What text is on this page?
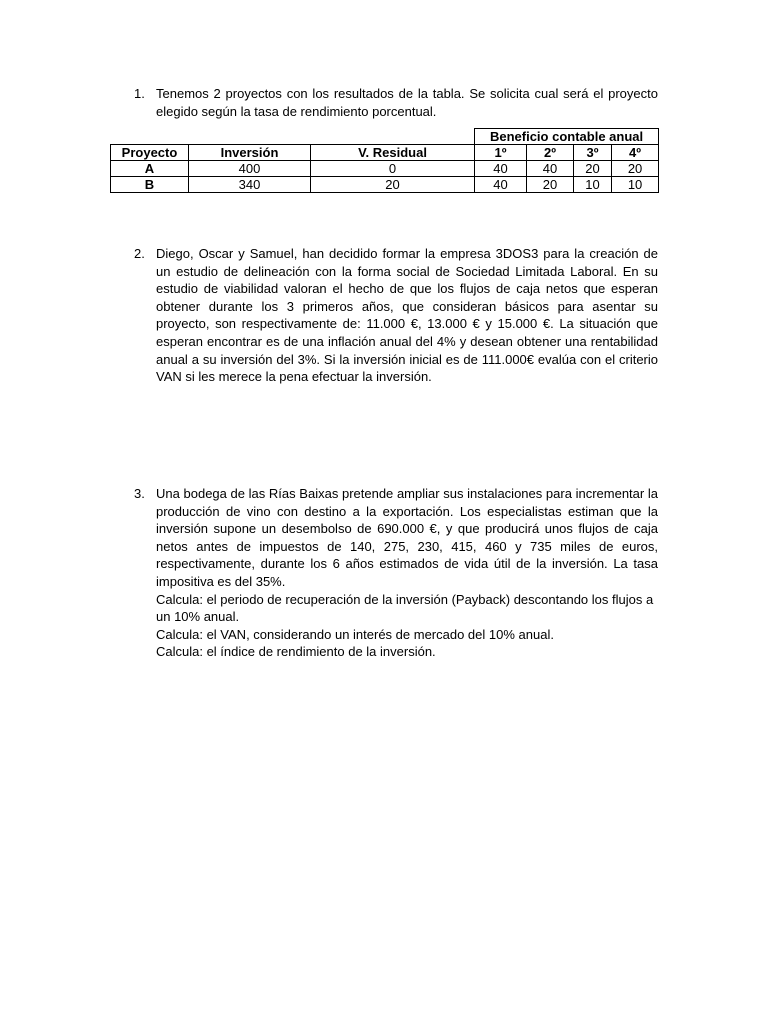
1. Tenemos 2 proyectos con los resultados de la tabla. Se solicita cual será el proyecto elegido según la tasa de rendimiento porcentual.

			Beneficio contable anual			
Proyecto	Inversión	V. Residual	1º	2º	3º	4º
A	400	0	40	40	20	20
B	340	20	40	20	10	10
2. Diego, Oscar y Samuel, han decidido formar la empresa 3DOS3 para la creación de un estudio de delineación con la forma social de Sociedad Limitada Laboral. En su estudio de viabilidad valoran el hecho de que los flujos de caja netos que esperan obtener durante los 3 primeros años, que consideran básicos para asentar su proyecto, son respectivamente de: 11.000 €, 13.000 € y 15.000 €. La situación que esperan encontrar es de una inflación anual del 4% y desean obtener una rentabilidad anual a su inversión del 3%. Si la inversión inicial es de 111.000€ evalúa con el criterio VAN si les merece la pena efectuar la inversión.

3. Una bodega de las Rías Baixas pretende ampliar sus instalaciones para incrementar la producción de vino con destino a la exportación. Los especialistas estiman que la inversión supone un desembolso de 690.000 €, y que producirá unos flujos de caja netos antes de impuestos de 140, 275, 230, 415, 460 y 735 miles de euros, respectivamente, durante los 6 años estimados de vida útil de la inversión. La tasa impositiva es del 35%.

Calcula: el periodo de recuperación de la inversión (Payback) descontando los flujos a un 10% anual.

Calcula: el VAN, considerando un interés de mercado del 10% anual.

Calcula: el índice de rendimiento de la inversión.
